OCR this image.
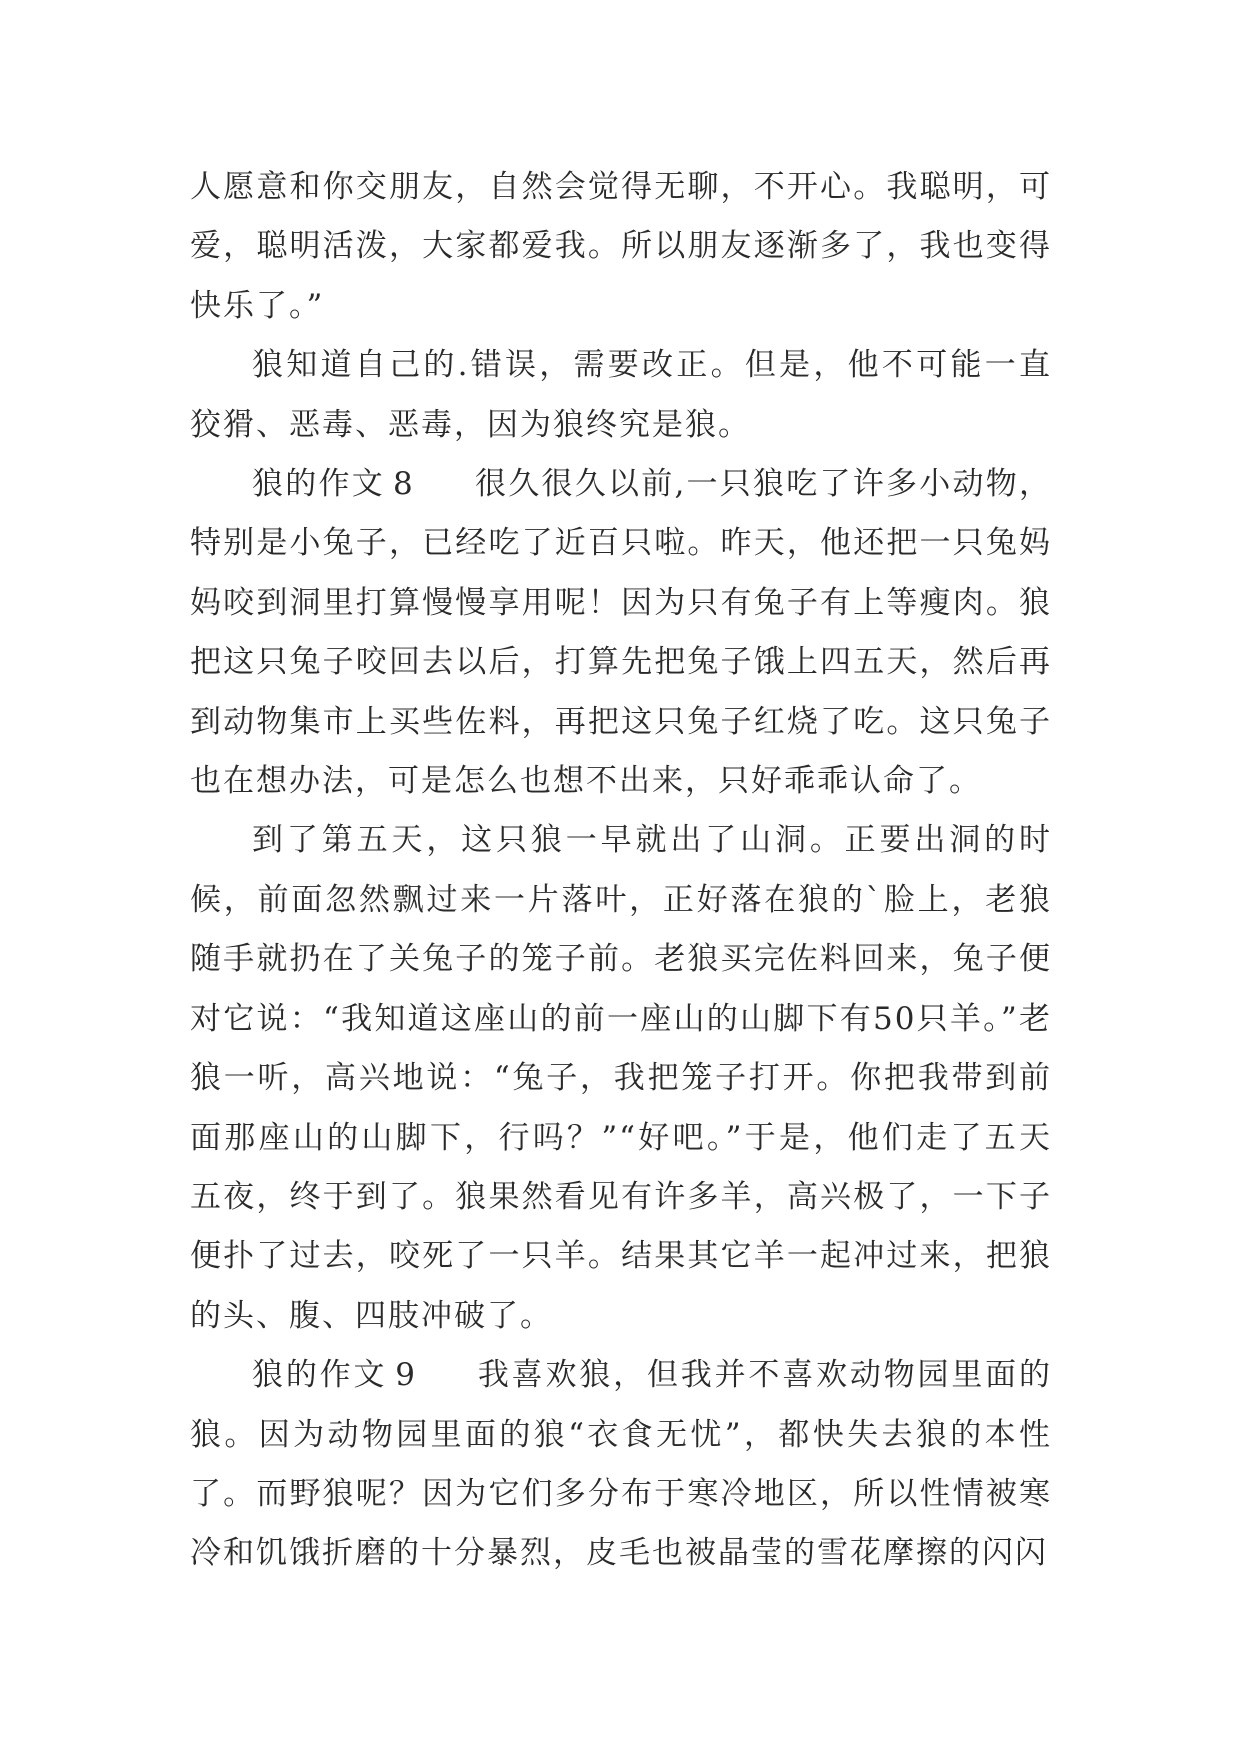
人愿意和你交朋友，自然会觉得无聊，不开心。我聪明，可爱，聪明活泼，大家都爱我。所以朋友逐渐多了，我也变得快乐了。”

狼知道自己的.错误，需要改正。但是，他不可能一直狡猾、恶毒、恶毒，因为狼终究是狼。

狼的作文 8 很久很久以前,一只狼吃了许多小动物，特别是小兔子，已经吃了近百只啦。昨天，他还把一只兔妈妈咬到洞里打算慢慢享用呢！因为只有兔子有上等瘦肉。狼把这只兔子咬回去以后，打算先把兔子饿上四五天，然后再到动物集市上买些佐料，再把这只兔子红烧了吃。这只兔子也在想办法，可是怎么也想不出来，只好乖乖认命了。

到了第五天，这只狼一早就出了山洞。正要出洞的时候，前面忽然飘过来一片落叶，正好落在狼的`脸上，老狼随手就扔在了关兔子的笼子前。老狼买完佐料回来，兔子便对它说：“我知道这座山的前一座山的山脚下有50只羊。”老狼一听，高兴地说：“兔子，我把笼子打开。你把我带到前面那座山的山脚下，行吗？”“好吧。”于是，他们走了五天五夜，终于到了。狼果然看见有许多羊，高兴极了，一下子便扑了过去，咬死了一只羊。结果其它羊一起冲过来，把狼的头、腹、四肢冲破了。

狼的作文 9 我喜欢狼，但我并不喜欢动物园里面的狼。因为动物园里面的狼“衣食无忧”，都快失去狼的本性了。而野狼呢？因为它们多分布于寒冷地区，所以性情被寒冷和饥饿折磨的十分暴烈，皮毛也被晶莹的雪花摩擦的闪闪
